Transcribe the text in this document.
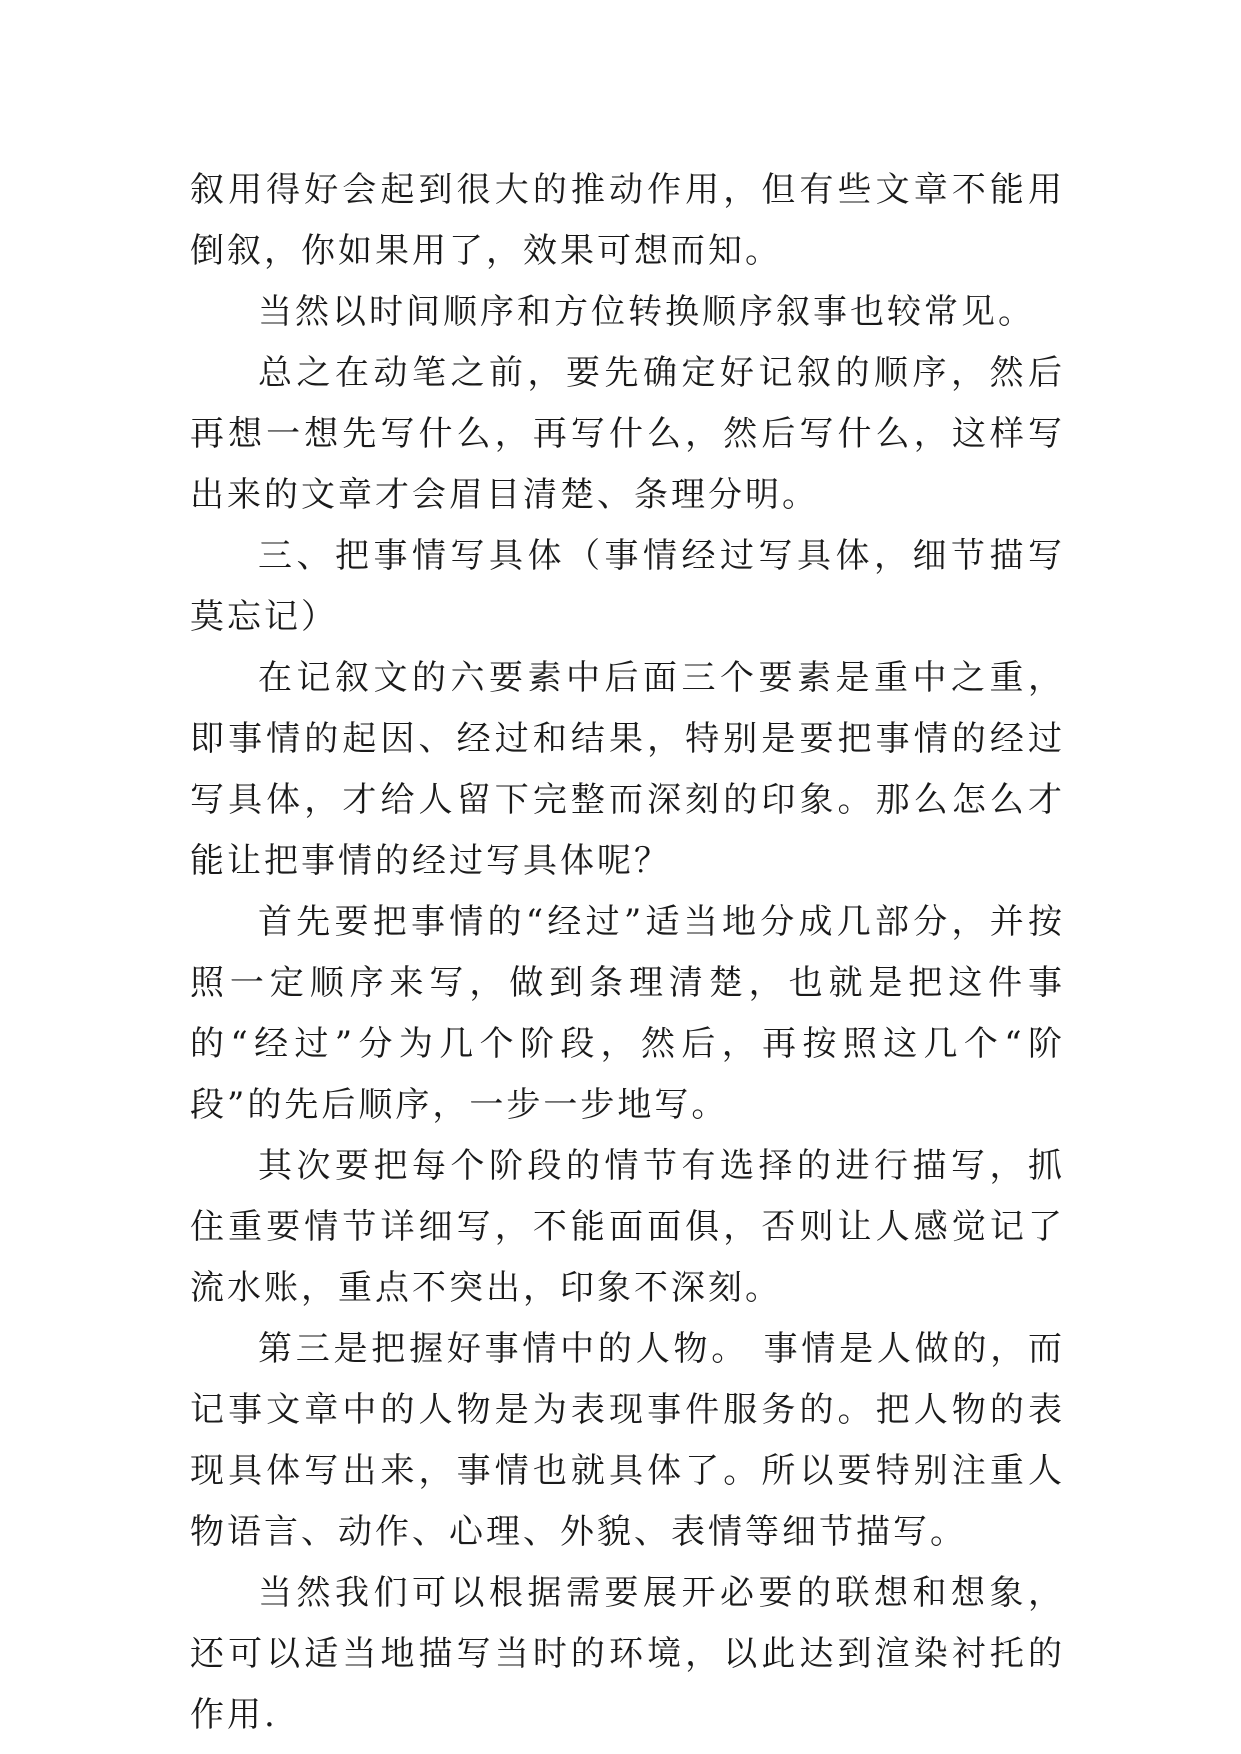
叙用得好会起到很大的推动作用，但有些文章不能用倒叙，你如果用了，效果可想而知。

当然以时间顺序和方位转换顺序叙事也较常见。

总之在动笔之前，要先确定好记叙的顺序，然后再想一想先写什么，再写什么，然后写什么，这样写出来的文章才会眉目清楚、条理分明。

三、把事情写具体（事情经过写具体，细节描写莫忘记）

在记叙文的六要素中后面三个要素是重中之重，即事情的起因、经过和结果，特别是要把事情的经过写具体，才给人留下完整而深刻的印象。那么怎么才能让把事情的经过写具体呢？

首先要把事情的“经过”适当地分成几部分，并按照一定顺序来写，做到条理清楚，也就是把这件事的“经过”分为几个阶段，然后，再按照这几个“阶段”的先后顺序，一步一步地写。

其次要把每个阶段的情节有选择的进行描写，抓住重要情节详细写，不能面面俱，否则让人感觉记了流水账，重点不突出，印象不深刻。

第三是把握好事情中的人物。 事情是人做的，而记事文章中的人物是为表现事件服务的。把人物的表现具体写出来，事情也就具体了。所以要特别注重人物语言、动作、心理、外貌、表情等细节描写。

当然我们可以根据需要展开必要的联想和想象，还可以适当地描写当时的环境，以此达到渲染衬托的作用.
